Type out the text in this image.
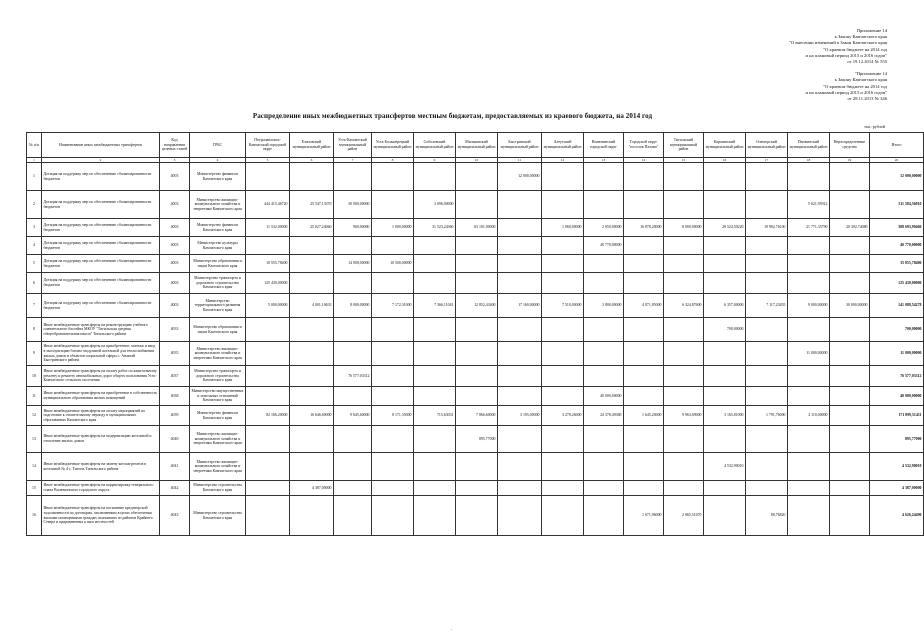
Приложение 14
к Закону Камчатского края
"О внесении изменений в Закон Камчатского края
"О краевом бюджете на 2014 год
и на плановый период 2015 и 2016 годов"
от 19.12.2014 № 555
"Приложение 14
к Закону Камчатского края
"О краевом бюджете на 2014 год
и на плановый период 2015 и 2016 годов"
от 28.11.2013 № 346
Распределение иных межбюджетных трансфертов местным бюджетам, предоставляемых из краевого бюджета, на 2014 год
тыс. рублей
№ п/п	Наименование иных межбюджетных трансфертов	Код направления целевых статей	ГРБС	Петропавловск-Камчатский городской округ	Елизовский муниципальный район	Усть-Камчатский муниципальный район	Усть-Большерецкий муниципальный район	Соболевский муниципальный район	Мильковский муниципальный район	Быстринский муниципальный район	Алеутский муниципальный район	Вилючинский городской округ	Городской округ "поселок Палана"	Тигильский муниципальный район	Карагинский муниципальный район	Олюторский муниципальный район	Пенжинский муниципальный район	Нераспределенные средства	Итого
1	2	3	4	5	6	7	8	9	10	11	12	13	14	15	16	17	18	19	20
1	Дотация на поддержку мер по обеспечению сбалансированности бюджетов	4003	Министерство финансов Камчатского края							12 000,00000									12 000,00000
2	Дотация на поддержку мер по обеспечению сбалансированности бюджетов	4003	Министерство жилищно-коммунального хозяйства и энергетики Камчатского края	444 415,46720	25 547,13370	30 000,00000		3 096,00000									5 621,95912		511 584,56010
3	Дотация на поддержку мер по обеспечению сбалансированности бюджетов	4003	Министерство финансов Камчатского края	11 532,00000	25 027,24060	900,00000	1 000,00000	31 523,24360	63 101,00000		1 060,00000	2 050,00000	16 878,20000	8 000,00000	28 524,50220	19 982,76100	21 771,35790	20 392,74080	308 693,99460
4	Дотация на поддержку мер по обеспечению сбалансированности бюджетов	4003	Министерство культуры Камчатского края									40 770,00000							40 770,00000
5	Дотация на поддержку мер по обеспечению сбалансированности бюджетов	4003	Министерство образования и науки Камчатского края	10 555,78400		14 000,00000	10 500,00000												35 055,78400
6	Дотация на поддержку мер по обеспечению сбалансированности бюджетов	4003	Министерство транспорта и дорожного строительства Камчатского края	125 430,00000															125 430,00000
7	Дотация на поддержку мер по обеспечению сбалансированности бюджетов	4003	Министерство территориального развития Камчатского края	5 000,00000	4 001,10633	8 000,00000	7 172,31000	7 366,11041	12 852,43400	17 160,00000	7 510,00000	3 800,00000	4 071,85000	6 324,87600	6 357,00000	7 117,23455	9 000,00000	30 000,00000	141 088,54278
8	Иные межбюджетные трансферты на реконструкцию учебного плавательного бассейна МКОУ "Тигильская средняя общеобразовательная школа" Тигильского района	4033	Министерство образования и науки Камчатского края												700,00000				700,00000
9	Иные межбюджетные трансферты на приобретение, монтаж и ввод в эксплуатацию блочно-модульной котельной для теплоснабжения жилых домов и объектов социальной сферы с. Анавгай Быстринского района	4035	Министерство жилищно-коммунального хозяйства и энергетики Камчатского края														11 000,00000		11 000,00000
10	Иные межбюджетные трансферты на оплату работ по капитальному ремонту и ремонту автомобильных дорог общего пользования Усть-Камчатского сельского поселения	4037	Министерство транспорта и дорожного строительства Камчатского края			76 577,03312													76 577,03312
11	Иные межбюджетные трансферты на приобретение в собственность муниципального образования жилых помещений	4038	Министерство имущественных и земельных отношений Камчатского края									40 000,00000							40 000,00000
12	Иные межбюджетные трансферты на оплату мероприятий по подготовке к отопительному периоду в муниципальных образованиях Камчатского края	4039	Министерство финансов Камчатского края	82 166,20000	16 646,60000	9 645,60000	8 171,35000	715,63031	7 866,60000	3 195,00000	3 278,26000	24 378,49380	1 645,20000	9 963,69000	3 165,81000	1 791,76000	2 110,00000		171 899,51411
13	Иные межбюджетные трансферты на модернизацию котельной и отопление жилых домов	4040	Министерство жилищно-коммунального хозяйства и энергетики Камчатского края						895,77000										895,77000
14	Иные межбюджетные трансферты на замену котлоагрегатов в котельной № 4 с. Тигиль Тигильского района	4041	Министерство жилищно-коммунального хозяйства и энергетики Камчатского края												4 532,90010				4 532,90010
15	Иные межбюджетные трансферты на корректировку генерального плана Вилючинского городского округа	4042	Министерство строительства Камчатского края		4 387,00000														4 387,00000
16	Иные межбюджетные трансферты на погашение кредиторской задолженности по договорам, заключенным в целях обеспечения жилыми помещениями граждан, выехавших из районов Крайнего Севера и приравненных к ним местностей	4043	Министерство строительства Камчатского края										1 671,96000	2 865,51670		88,76820			4 626,24490
.
